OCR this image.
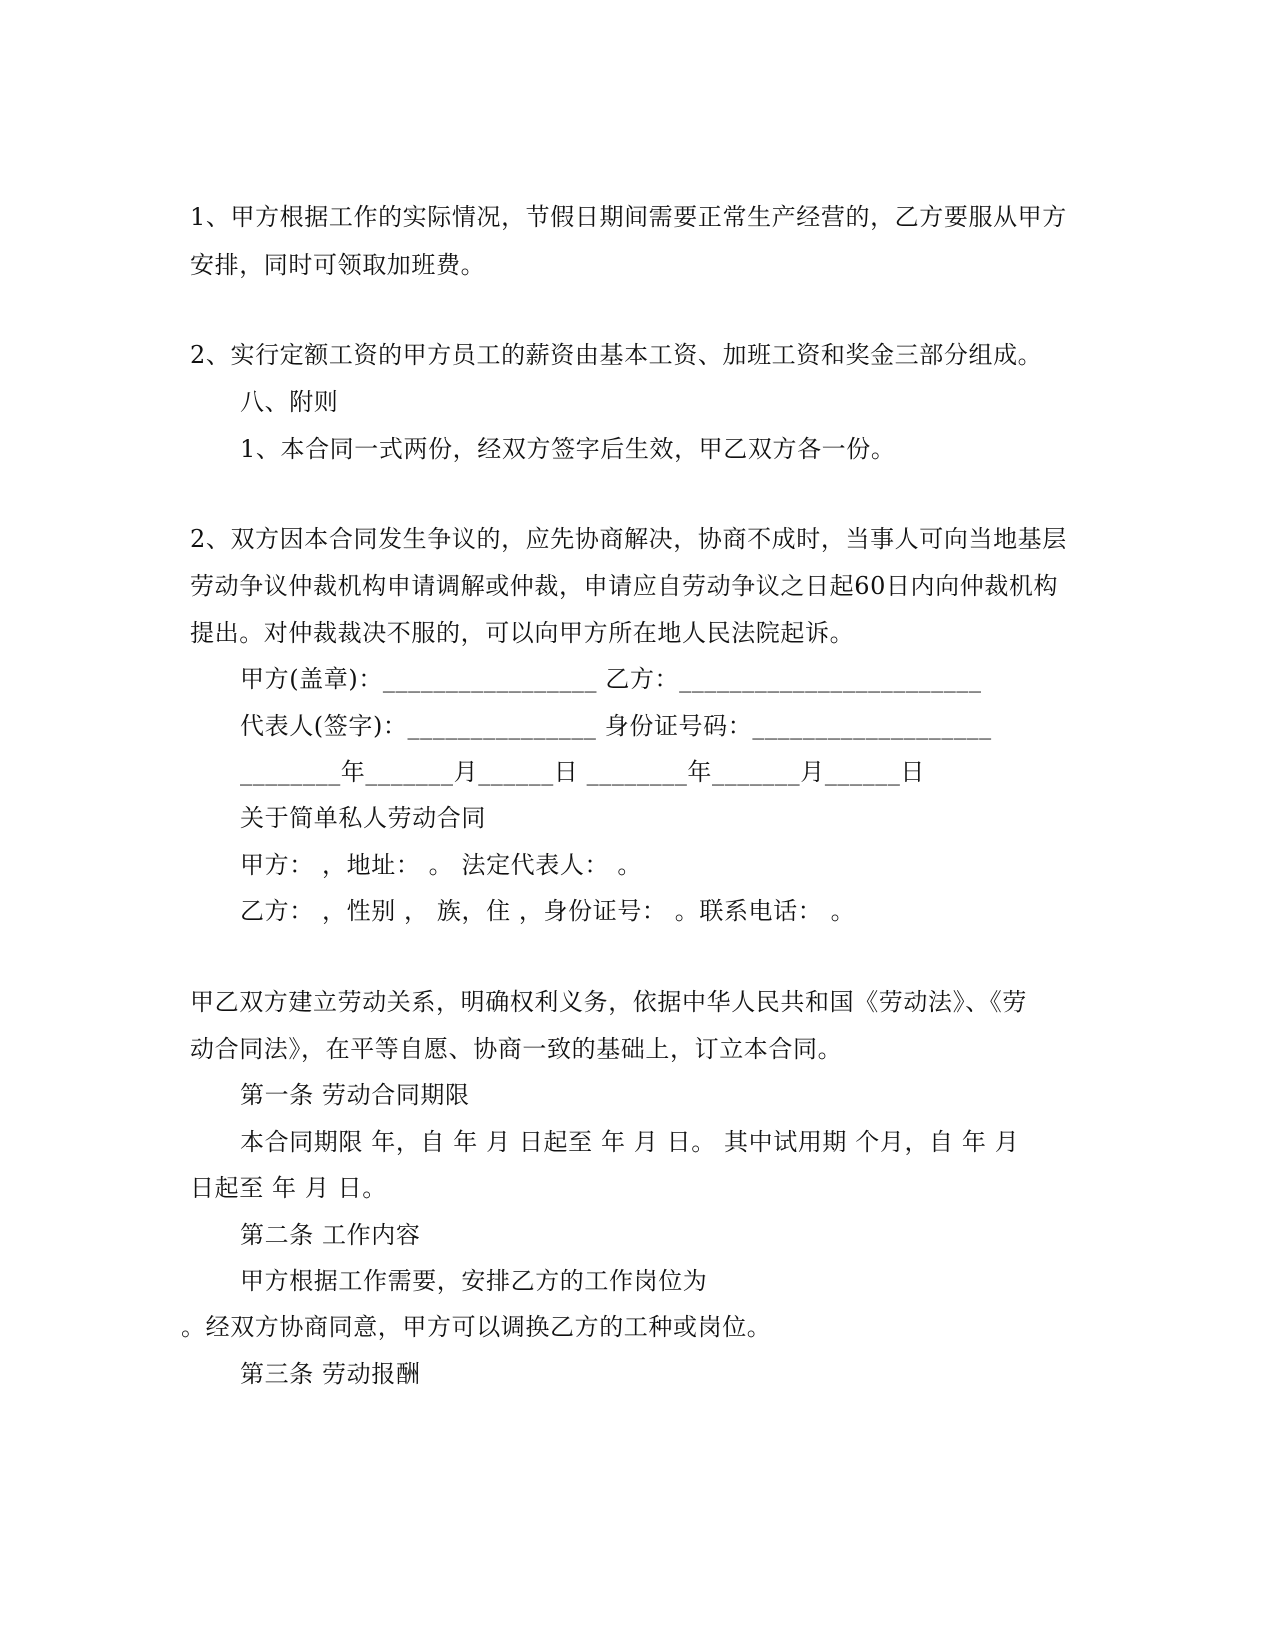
1、甲方根据工作的实际情况，节假日期间需要正常生产经营的，乙方要服从甲方
安排，同时可领取加班费。
2、实行定额工资的甲方员工的薪资由基本工资、加班工资和奖金三部分组成。
八、附则
1、本合同一式两份，经双方签字后生效，甲乙双方各一份。
2、双方因本合同发生争议的，应先协商解决，协商不成时，当事人可向当地基层
劳动争议仲裁机构申请调解或仲裁，申请应自劳动争议之日起60日内向仲裁机构
提出。对仲裁裁决不服的，可以向甲方所在地人民法院起诉。
甲方(盖章)：_________________ 乙方：________________________
代表人(签字)：_______________ 身份证号码：___________________
________年_______月______日 ________年_______月______日
关于简单私人劳动合同
甲方： ，地址： 。 法定代表人： 。
乙方： ，性别 ， 族，住 ，身份证号： 。联系电话： 。
甲乙双方建立劳动关系，明确权利义务，依据中华人民共和国《劳动法》、《劳
动合同法》，在平等自愿、协商一致的基础上，订立本合同。
第一条 劳动合同期限
本合同期限 年，自 年 月 日起至 年 月 日。 其中试用期 个月，自 年 月
日起至 年 月 日。
第二条 工作内容
甲方根据工作需要，安排乙方的工作岗位为
。经双方协商同意，甲方可以调换乙方的工种或岗位。
第三条 劳动报酬
